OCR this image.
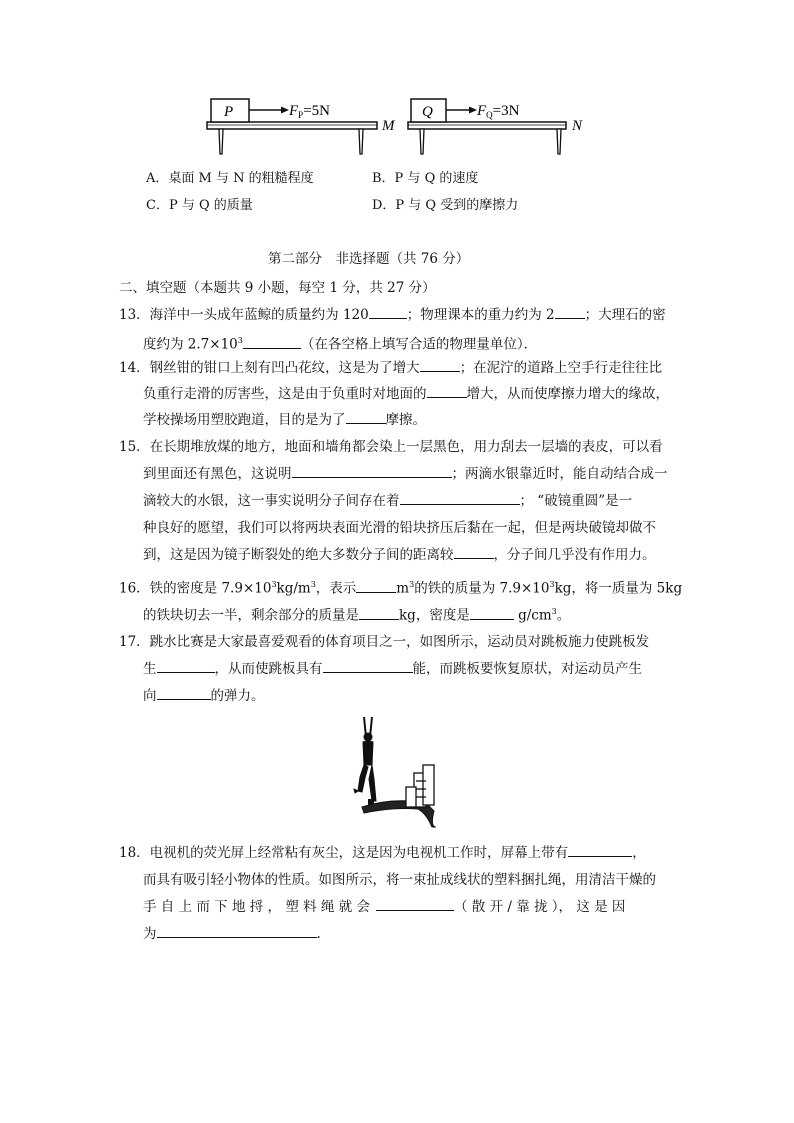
P	$F_P=5N$
M
Q	$F_Q=3N$
N
A．桌面 M 与 N 的粗糙程度	B．P 与 Q 的速度
C．P 与 Q 的质量	D．P 与 Q 受到的摩擦力
第二部分　非选择题（共 76 分）
二、填空题（本题共 9 小题，每空 1 分，共 27 分）
13．海洋中一头成年蓝鲸的质量约为 120	；物理课本的重力约为 2 ；大理石的密
度约为 $2.7\times 10^3$	（在各空格上填写合适的物理量单位）．
14．钢丝钳的钳口上刻有凹凸花纹，这是为了增大	；在泥泞的道路上空手行走往往比
负重行走滑的厉害些，这是由于负重时对地面的	增大，从而使摩擦力增大的缘故，
学校操场用塑胶跑道，目的是为了	摩擦。
15．在长期堆放煤的地方，地面和墙角都会染上一层黑色，用力刮去一层墙的表皮，可以看
到里面还有黑色，这说明	；两滴水银靠近时，能自动结合成一
滴较大的水银，这一事实说明分子间存在着	； “破镜重圆”是一
种良好的愿望，我们可以将两块表面光滑的铅块挤压后黏在一起，但是两块破镜却做不
到，这是因为镜子断裂处的绝大多数分子间的距离较	，分子间几乎没有作用力。
16．铁的密度是 $7.9\times 10^3kg/m^3$，表示	$m^3$的铁的质量为 $7.9\times 10^3kg$，将一质量为 5kg
的铁块切去一半，剩余部分的质量是	kg，密度是	$g/cm^3$。
17．跳水比赛是大家最喜爱观看的体育项目之一，如图所示，运动员对跳板施力使跳板发
生	，从而使跳板具有	能，而跳板要恢复原状，对运动员产生
向	的弹力。
18．电视机的荧光屏上经常粘有灰尘，这是因为电视机工作时，屏幕上带有	，
而具有吸引轻小物体的性质。如图所示，将一束扯成线状的塑料捆扎绳，用清洁干燥的
手 自 上 而 下 地 捋 ， 塑 料 绳 就 会	（ 散 开 / 靠 拢 ）， 这 是 因
为	.
